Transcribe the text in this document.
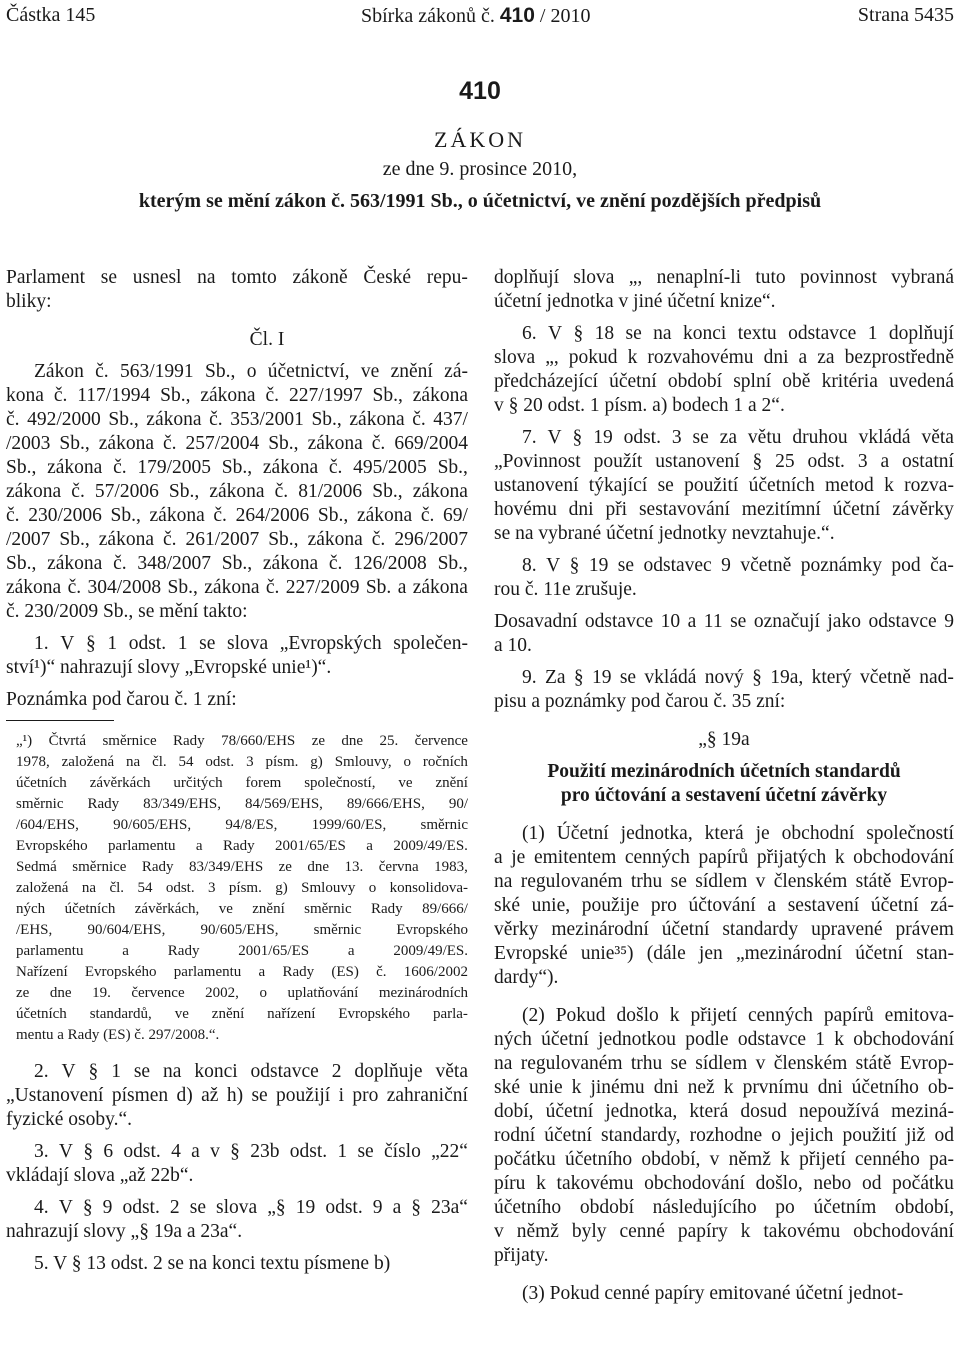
Částka 145	Sbírka zákonů č. 410 / 2010	Strana 5435
410
ZÁKON
ze dne 9. prosince 2010,
kterým se mění zákon č. 563/1991 Sb., o účetnictví, ve znění pozdějších předpisů
Parlament se usnesl na tomto zákoně České repu-
bliky:
Čl. I
Zákon č. 563/1991 Sb., o účetnictví, ve znění zá-
kona č. 117/1994 Sb., zákona č. 227/1997 Sb., zákona
č. 492/2000 Sb., zákona č. 353/2001 Sb., zákona č. 437/
/2003 Sb., zákona č. 257/2004 Sb., zákona č. 669/2004
Sb., zákona č. 179/2005 Sb., zákona č. 495/2005 Sb.,
zákona č. 57/2006 Sb., zákona č. 81/2006 Sb., zákona
č. 230/2006 Sb., zákona č. 264/2006 Sb., zákona č. 69/
/2007 Sb., zákona č. 261/2007 Sb., zákona č. 296/2007
Sb., zákona č. 348/2007 Sb., zákona č. 126/2008 Sb.,
zákona č. 304/2008 Sb., zákona č. 227/2009 Sb. a zákona
č. 230/2009 Sb., se mění takto:
1. V § 1 odst. 1 se slova „Evropských společen-
ství¹)“ nahrazují slovy „Evropské unie¹)“.
Poznámka pod čarou č. 1 zní:
„¹) Čtvrtá směrnice Rady 78/660/EHS ze dne 25. července
1978, založená na čl. 54 odst. 3 písm. g) Smlouvy, o ročních
účetních závěrkách určitých forem společností, ve znění
směrnic Rady 83/349/EHS, 84/569/EHS, 89/666/EHS, 90/
/604/EHS, 90/605/EHS, 94/8/ES, 1999/60/ES, směrnic
Evropského parlamentu a Rady 2001/65/ES a 2009/49/ES.
Sedmá směrnice Rady 83/349/EHS ze dne 13. června 1983,
založená na čl. 54 odst. 3 písm. g) Smlouvy o konsolidova-
ných účetních závěrkách, ve znění směrnic Rady 89/666/
/EHS, 90/604/EHS, 90/605/EHS, směrnic Evropského
parlamentu	a	Rady	2001/65/ES	a	2009/49/ES.
Nařízení Evropského parlamentu a Rady (ES) č. 1606/2002
ze dne 19. července 2002, o uplatňování mezinárodních
účetních standardů, ve znění nařízení Evropského parla-
mentu a Rady (ES) č. 297/2008.“.
2. V § 1 se na konci odstavce 2 doplňuje věta
„Ustanovení písmen d) až h) se použijí i pro zahraniční
fyzické osoby.“.
3. V § 6 odst. 4 a v § 23b odst. 1 se číslo „22“
vkládají slova „až 22b“.
4. V § 9 odst. 2 se slova „§ 19 odst. 9 a § 23a“
nahrazují slovy „§ 19a a 23a“.
5. V § 13 odst. 2 se na konci textu písmene b)
doplňují slova „, nenaplní-li tuto povinnost vybraná
účetní jednotka v jiné účetní knize“.
6. V § 18 se na konci textu odstavce 1 doplňují
slova „, pokud k rozvahovému dni a za bezprostředně
předcházející účetní období splní obě kritéria uvedená
v § 20 odst. 1 písm. a) bodech 1 a 2“.
7. V § 19 odst. 3 se za větu druhou vkládá věta
„Povinnost použít ustanovení § 25 odst. 3 a ostatní
ustanovení týkající se použití účetních metod k rozva-
hovému dni při sestavování mezitímní účetní závěrky
se na vybrané účetní jednotky nevztahuje.“.
8. V § 19 se odstavec 9 včetně poznámky pod ča-
rou č. 11e zrušuje.
Dosavadní odstavce 10 a 11 se označují jako odstavce 9
a 10.
9. Za § 19 se vkládá nový § 19a, který včetně nad-
pisu a poznámky pod čarou č. 35 zní:
„§ 19a
Použití mezinárodních účetních standardů
pro účtování a sestavení účetní závěrky
(1) Účetní jednotka, která je obchodní společností
a je emitentem cenných papírů přijatých k obchodování
na regulovaném trhu se sídlem v členském státě Evrop-
ské unie, použije pro účtování a sestavení účetní zá-
věrky mezinárodní účetní standardy upravené právem
Evropské unie³⁵) (dále jen „mezinárodní účetní stan-
dardy“).
(2) Pokud došlo k přijetí cenných papírů emitova-
ných účetní jednotkou podle odstavce 1 k obchodování
na regulovaném trhu se sídlem v členském státě Evrop-
ské unie k jinému dni než k prvnímu dni účetního ob-
dobí, účetní jednotka, která dosud nepoužívá meziná-
rodní účetní standardy, rozhodne o jejich použití již od
počátku účetního období, v němž k přijetí cenného pa-
píru k takovému obchodování došlo, nebo od počátku
účetního období následujícího po účetním období,
v němž byly cenné papíry k takovému obchodování
přijaty.
(3) Pokud cenné papíry emitované účetní jednot-
